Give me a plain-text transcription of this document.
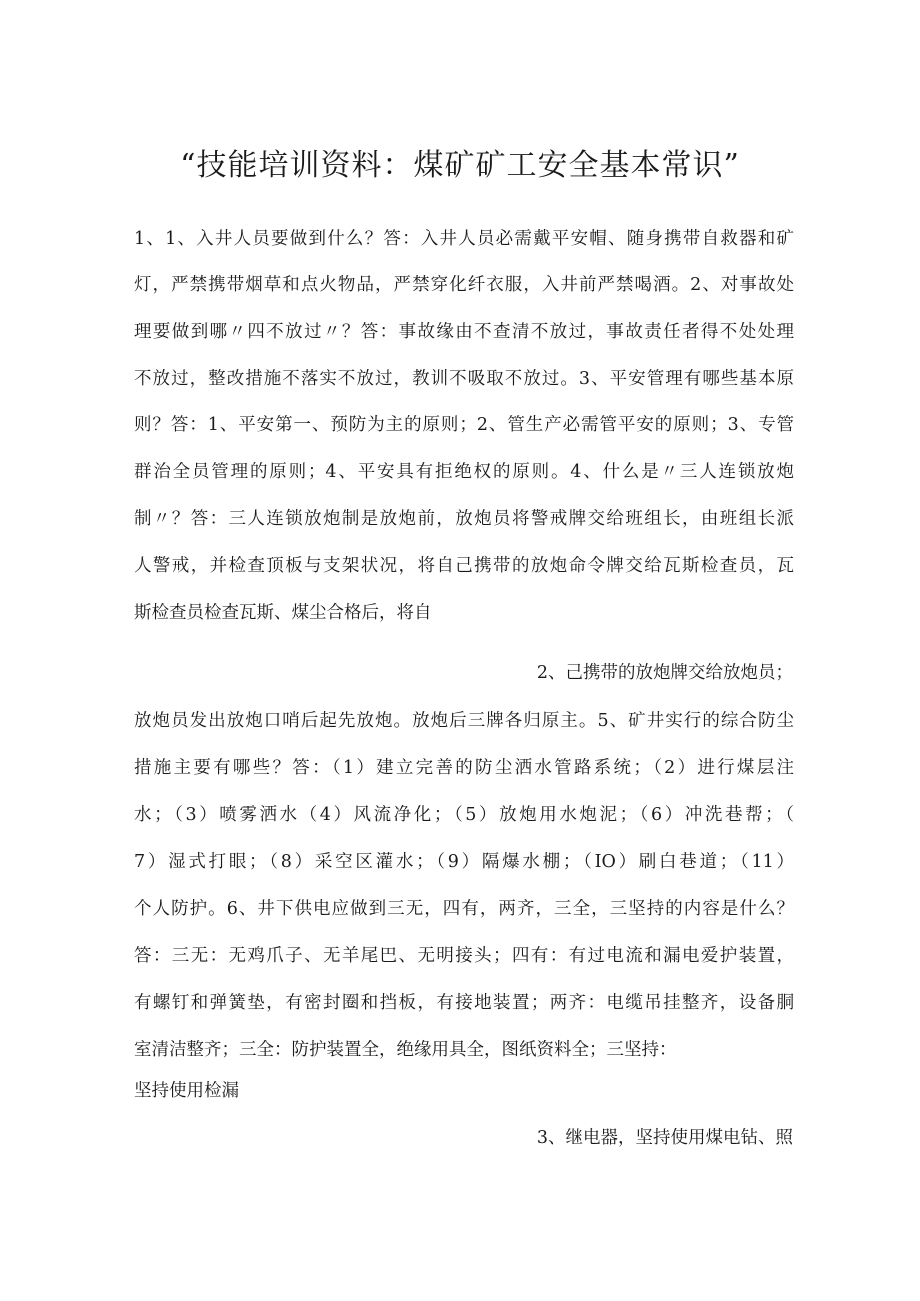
“技能培训资料：煤矿矿工安全基本常识”
1、1、入井人员要做到什么？答：入井人员必需戴平安帽、随身携带自救器和矿
灯，严禁携带烟草和点火物品，严禁穿化纤衣服，入井前严禁喝酒。2、对事故处
理要做到哪〃四不放过〃？答：事故缘由不查清不放过，事故责任者得不处处理
不放过，整改措施不落实不放过，教训不吸取不放过。3、平安管理有哪些基本原
则？答：1、平安第一、预防为主的原则；2、管生产必需管平安的原则；3、专管
群治全员管理的原则；4、平安具有拒绝权的原则。4、什么是〃三人连锁放炮
制〃？答：三人连锁放炮制是放炮前，放炮员将警戒牌交给班组长，由班组长派
人警戒，并检查顶板与支架状况，将自己携带的放炮命令牌交给瓦斯检查员，瓦
斯检查员检查瓦斯、煤尘合格后，将自
2、己携带的放炮牌交给放炮员；
放炮员发出放炮口哨后起先放炮。放炮后三牌各归原主。5、矿井实行的综合防尘
措施主要有哪些？答：（1）建立完善的防尘洒水管路系统；（2）进行煤层注
水；（3）喷雾洒水（4）风流净化；（5）放炮用水炮泥；（6）冲洗巷帮；（
7）湿式打眼；（8）采空区灌水；（9）隔爆水棚；（IO）刷白巷道；（11）
个人防护。6、井下供电应做到三无，四有，两齐，三全，三坚持的内容是什么？
答：三无：无鸡爪子、无羊尾巴、无明接头；四有：有过电流和漏电爱护装置，
有螺钉和弹簧垫，有密封圈和挡板，有接地装置；两齐：电缆吊挂整齐，设备胴
室清洁整齐；三全：防护装置全，绝缘用具全，图纸资料全；三坚持：
坚持使用检漏
3、继电器，坚持使用煤电钻、照
